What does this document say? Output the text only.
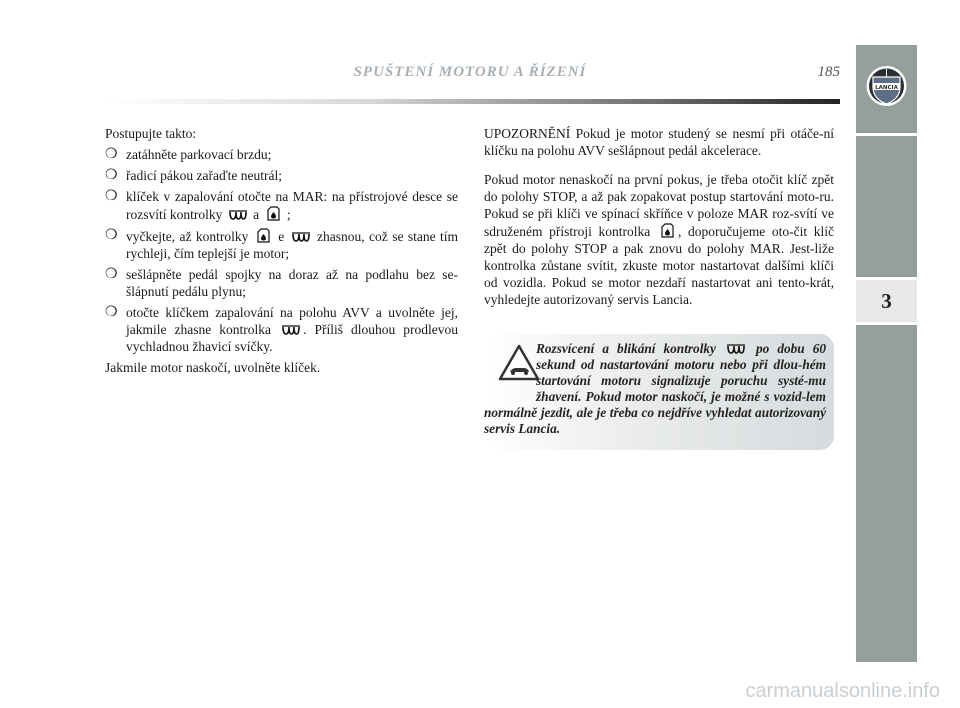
SPUŠTENÍ MOTORU A ŘÍZENÍ	185
LANCIA
3

Postupujte takto:

❍ zatáhněte parkovací brzdu;
❍ řadicí pákou zařaďte neutrál;
❍ klíček v zapalování otočte na MAR: na přístrojové desce se rozsvítí kontrolky a ;
❍ vyčkejte, až kontrolky e zhasnou, což se stane tím rychleji, čím teplejší je motor;
❍ sešlápněte pedál spojky na doraz až na podlahu bez se-šlápnutí pedálu plynu;
❍ otočte klíčkem zapalování na polohu AVV a uvolněte jej, jakmile zhasne kontrolka . Příliš dlouhou prodlevou vychladnou žhavicí svíčky.

Jakmile motor naskočí, uvolněte klíček.

UPOZORNĚNÍ Pokud je motor studený se nesmí při otáče-ní klíčku na polohu AVV sešlápnout pedál akcelerace.

Pokud motor nenaskočí na první pokus, je třeba otočit klíč zpět do polohy STOP, a až pak zopakovat postup startování moto-ru. Pokud se při klíči ve spínací skříňce v poloze MAR roz-svítí ve sdruženém přístroji kontrolka , doporučujeme oto-čit klíč zpět do polohy STOP a pak znovu do polohy MAR. Jest-liže kontrolka zůstane svítit, zkuste motor nastartovat dalšími klíči od vozidla. Pokud se motor nezdaří nastartovat ani tento-krát, vyhledejte autorizovaný servis Lancia.

Rozsvícení a blikání kontrolky	po dobu 60 sekund od nastartování motoru nebo při dlou-hém startování motoru signalizuje poruchu systé-mu žhavení. Pokud motor naskočí, je možné s vozid-lem normálně jezdit, ale je třeba co nejdříve vyhledat autorizovaný servis Lancia.
carmanualsonline.info
